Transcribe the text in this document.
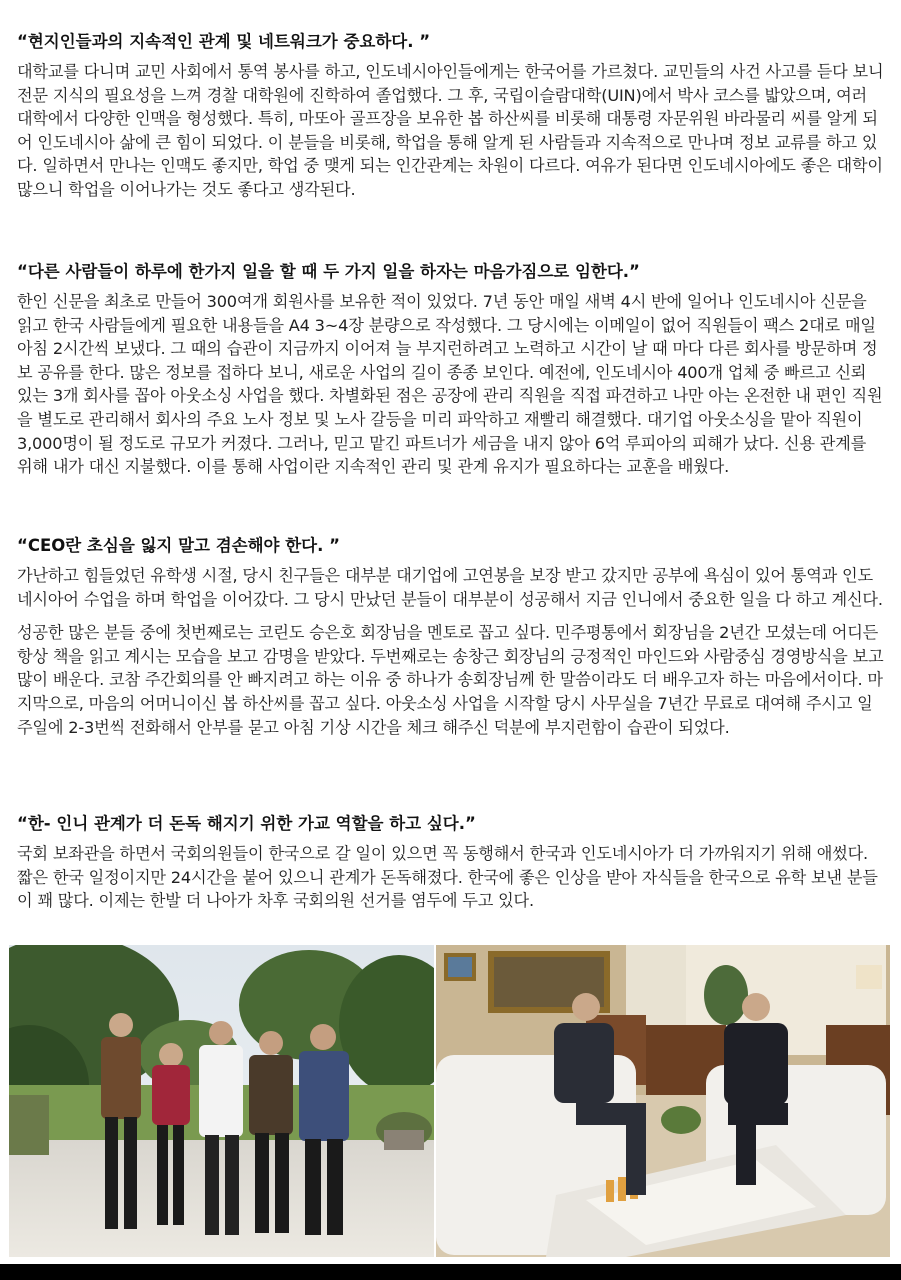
“현지인들과의 지속적인 관계 및 네트워크가 중요하다. ”

대학교를 다니며 교민 사회에서 통역 봉사를 하고, 인도네시아인들에게는 한국어를 가르쳤다. 교민들의 사건 사고를 듣다 보니 전문 지식의 필요성을 느껴 경찰 대학원에 진학하여 졸업했다. 그 후, 국립이슬람대학(UIN)에서 박사 코스를 밟았으며, 여러 대학에서 다양한 인맥을 형성했다. 특히, 마또아 골프장을 보유한 봅 하산씨를 비롯해 대통령 자문위원 바라물리 씨를 알게 되어 인도네시아 삶에 큰 힘이 되었다. 이 분들을 비롯해, 학업을 통해 알게 된 사람들과 지속적으로 만나며 정보 교류를 하고 있다. 일하면서 만나는 인맥도 좋지만, 학업 중 맺게 되는 인간관계는 차원이 다르다. 여유가 된다면 인도네시아에도 좋은 대학이 많으니 학업을 이어나가는 것도 좋다고 생각된다.

“다른 사람들이 하루에 한가지 일을 할 때 두 가지 일을 하자는 마음가짐으로 임한다.”

한인 신문을 최초로 만들어 300여개 회원사를 보유한 적이 있었다. 7년 동안 매일 새벽 4시 반에 일어나 인도네시아 신문을 읽고 한국 사람들에게 필요한 내용들을 A4 3~4장 분량으로 작성했다. 그 당시에는 이메일이 없어 직원들이 팩스 2대로 매일 아침 2시간씩 보냈다. 그 때의 습관이 지금까지 이어져 늘 부지런하려고 노력하고 시간이 날 때 마다 다른 회사를 방문하며 정보 공유를 한다. 많은 정보를 접하다 보니, 새로운 사업의 길이 종종 보인다. 예전에, 인도네시아 400개 업체 중 빠르고 신뢰 있는 3개 회사를 꼽아 아웃소싱 사업을 했다. 차별화된 점은 공장에 관리 직원을 직접 파견하고 나만 아는 온전한 내 편인 직원을 별도로 관리해서 회사의 주요 노사 정보 및 노사 갈등을 미리 파악하고 재빨리 해결했다. 대기업 아웃소싱을 맡아 직원이 3,000명이 될 정도로 규모가 커졌다. 그러나, 믿고 맡긴 파트너가 세금을 내지 않아 6억 루피아의 피해가 났다. 신용 관계를 위해 내가 대신 지불했다. 이를 통해 사업이란 지속적인 관리 및 관계 유지가 필요하다는 교훈을 배웠다.

“CEO란 초심을 잃지 말고 겸손해야 한다. ”

가난하고 힘들었던 유학생 시절, 당시 친구들은 대부분 대기업에 고연봉을 보장 받고 갔지만 공부에 욕심이 있어 통역과 인도네시아어 수업을 하며 학업을 이어갔다. 그 당시 만났던 분들이 대부분이 성공해서 지금 인니에서 중요한 일을 다 하고 계신다.

성공한 많은 분들 중에 첫번째로는 코린도 승은호 회장님을 멘토로 꼽고 싶다. 민주평통에서 회장님을 2년간 모셨는데 어디든 항상 책을 읽고 계시는 모습을 보고 감명을 받았다. 두번째로는 송창근 회장님의 긍정적인 마인드와 사람중심 경영방식을 보고 많이 배운다. 코참 주간회의를 안 빠지려고 하는 이유 중 하나가 송회장님께 한 말씀이라도 더 배우고자 하는 마음에서이다. 마지막으로, 마음의 어머니이신 봅 하산씨를 꼽고 싶다. 아웃소싱 사업을 시작할 당시 사무실을 7년간 무료로 대여해 주시고 일주일에 2-3번씩 전화해서 안부를 묻고 아침 기상 시간을 체크 해주신 덕분에 부지런함이 습관이 되었다.

“한- 인니 관계가 더 돈독 해지기 위한 가교 역할을 하고 싶다.”

국회 보좌관을 하면서 국회의원들이 한국으로 갈 일이 있으면 꼭 동행해서 한국과 인도네시아가 더 가까워지기 위해 애썼다. 짧은 한국 일정이지만 24시간을 붙어 있으니 관계가 돈독해졌다. 한국에 좋은 인상을 받아 자식들을 한국으로 유학 보낸 분들이 꽤 많다. 이제는 한발 더 나아가 차후 국회의원 선거를 염두에 두고 있다.
